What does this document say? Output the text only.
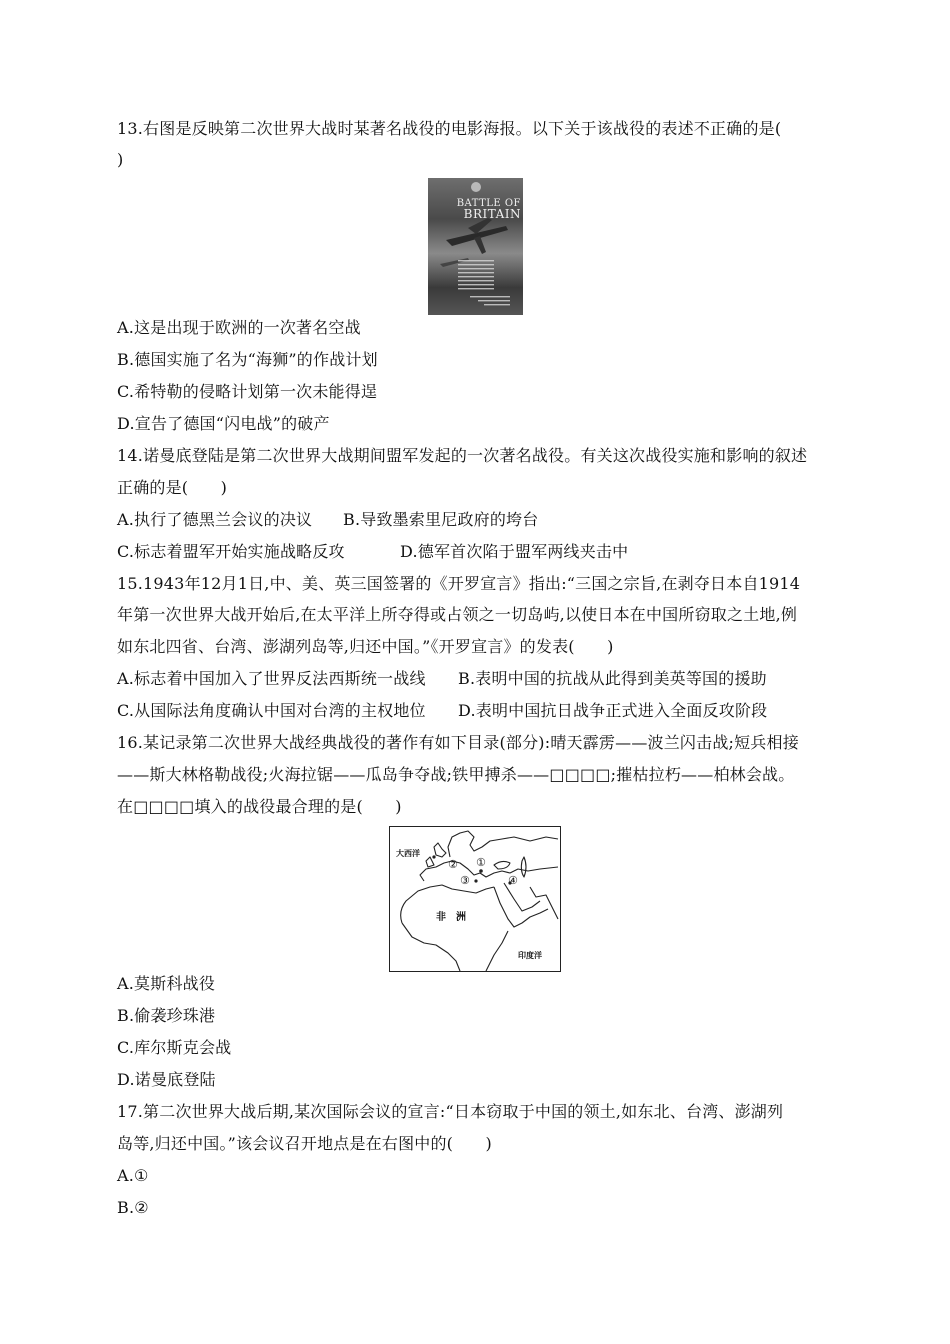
13.右图是反映第二次世界大战时某著名战役的电影海报。以下关于该战役的表述不正确的是(
)
BATTLE OF
BRITAIN
A.这是出现于欧洲的一次著名空战
B.德国实施了名为“海狮”的作战计划
C.希特勒的侵略计划第一次未能得逞
D.宣告了德国“闪电战”的破产
14.诺曼底登陆是第二次世界大战期间盟军发起的一次著名战役。有关这次战役实施和影响的叙述
正确的是(　　)
A.执行了德黑兰会议的决议 B.导致墨索里尼政府的垮台
C.标志着盟军开始实施战略反攻	D.德军首次陷于盟军两线夹击中
15.1943年12月1日,中、美、英三国签署的《开罗宣言》指出:“三国之宗旨,在剥夺日本自1914
年第一次世界大战开始后,在太平洋上所夺得或占领之一切岛屿,以使日本在中国所窃取之土地,例
如东北四省、台湾、澎湖列岛等,归还中国。”《开罗宣言》的发表(　　)
A.标志着中国加入了世界反法西斯统一战线 B.表明中国的抗战从此得到美英等国的援助
C.从国际法角度确认中国对台湾的主权地位 D.表明中国抗日战争正式进入全面反攻阶段
16.某记录第二次世界大战经典战役的著作有如下目录(部分):晴天霹雳——波兰闪击战;短兵相接
——斯大林格勒战役;火海拉锯——瓜岛争夺战;铁甲搏杀——□□□□;摧枯拉朽——柏林会战。
在□□□□填入的战役最合理的是(　　)
大西洋
非　洲
印度洋
①
②
③	④
A.莫斯科战役
B.偷袭珍珠港
C.库尔斯克会战
D.诺曼底登陆
17.第二次世界大战后期,某次国际会议的宣言:“日本窃取于中国的领土,如东北、台湾、澎湖列
岛等,归还中国。”该会议召开地点是在右图中的(　　)
A.①
B.②
